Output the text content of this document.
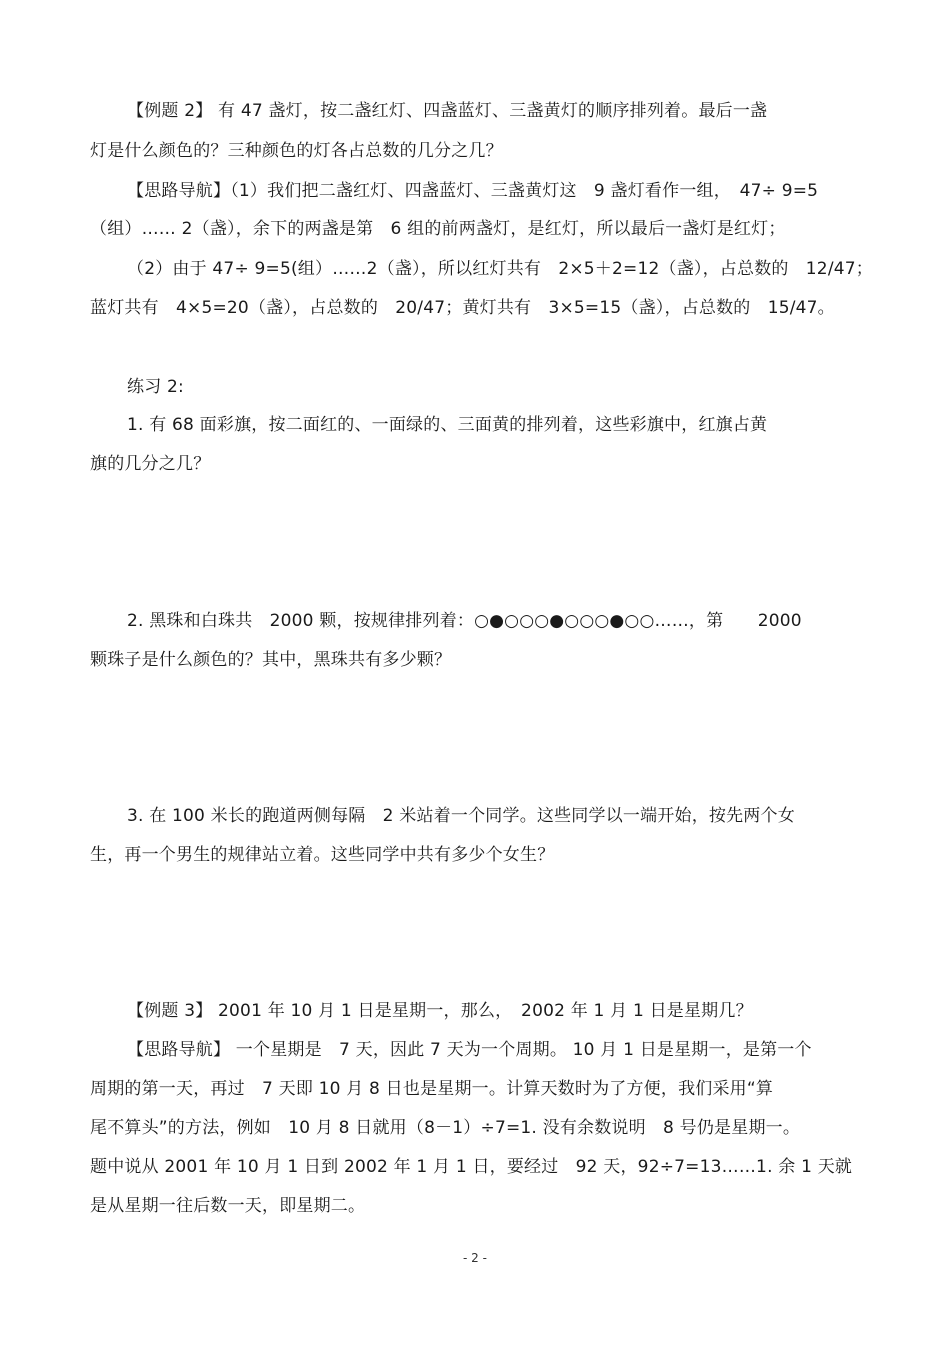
【例题 2】 有 47 盏灯，按二盏红灯、四盏蓝灯、三盏黄灯的顺序排列着。最后一盏
灯是什么颜色的？三种颜色的灯各占总数的几分之几？
【思路导航】（1）我们把二盏红灯、四盏蓝灯、三盏黄灯这　9 盏灯看作一组，　47÷ 9=5
（组）…… 2（盏），余下的两盏是第　6 组的前两盏灯，是红灯，所以最后一盏灯是红灯；
（2）由于 47÷ 9=5(组）……2（盏），所以红灯共有　2×5＋2=12（盏），占总数的　12/47；
蓝灯共有　4×5=20（盏），占总数的　20/47；黄灯共有　3×5=15（盏），占总数的　15/47。
练习 2:
1. 有 68 面彩旗，按二面红的、一面绿的、三面黄的排列着，这些彩旗中，红旗占黄
旗的几分之几？
2. 黑珠和白珠共　2000 颗，按规律排列着：○●○○○●○○○●○○……，第　　2000
颗珠子是什么颜色的？其中，黑珠共有多少颗？
3. 在 100 米长的跑道两侧每隔　2 米站着一个同学。这些同学以一端开始，按先两个女
生，再一个男生的规律站立着。这些同学中共有多少个女生？
【例题 3】 2001 年 10 月 1 日是星期一，那么，　2002 年 1 月 1 日是星期几？
【思路导航】 一个星期是　7 天，因此 7 天为一个周期。 10 月 1 日是星期一，是第一个
周期的第一天，再过　7 天即 10 月 8 日也是星期一。计算天数时为了方便，我们采用“算
尾不算头”的方法，例如　10 月 8 日就用（8－1）÷7=1. 没有余数说明　8 号仍是星期一。
题中说从 2001 年 10 月 1 日到 2002 年 1 月 1 日，要经过　92 天，92÷7=13……1. 余 1 天就
是从星期一往后数一天，即星期二。
- 2 -
